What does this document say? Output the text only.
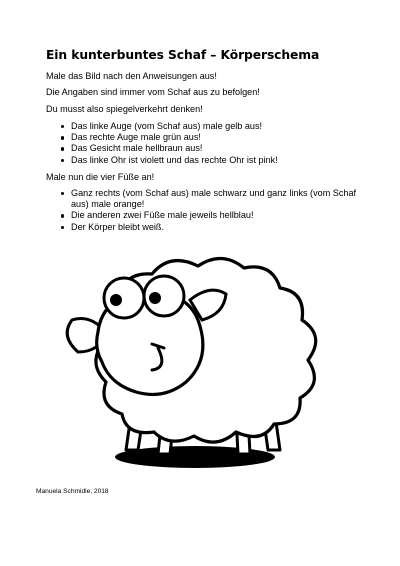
Ein kunterbuntes Schaf – Körperschema
Male das Bild nach den Anweisungen aus!
Die Angaben sind immer vom Schaf aus zu befolgen!
Du musst also spiegelverkehrt denken!
Das linke Auge (vom Schaf aus) male gelb aus!
Das rechte Auge male grün aus!
Das Gesicht male hellbraun aus!
Das linke Ohr ist violett und das rechte Ohr ist pink!
Male nun die vier Füße an!
Ganz rechts (vom Schaf aus) male schwarz und ganz links (vom Schaf aus) male orange!
Die anderen zwei Füße male jeweils hellblau!
Der Körper bleibt weiß.
Manuela Schmidle, 2018
